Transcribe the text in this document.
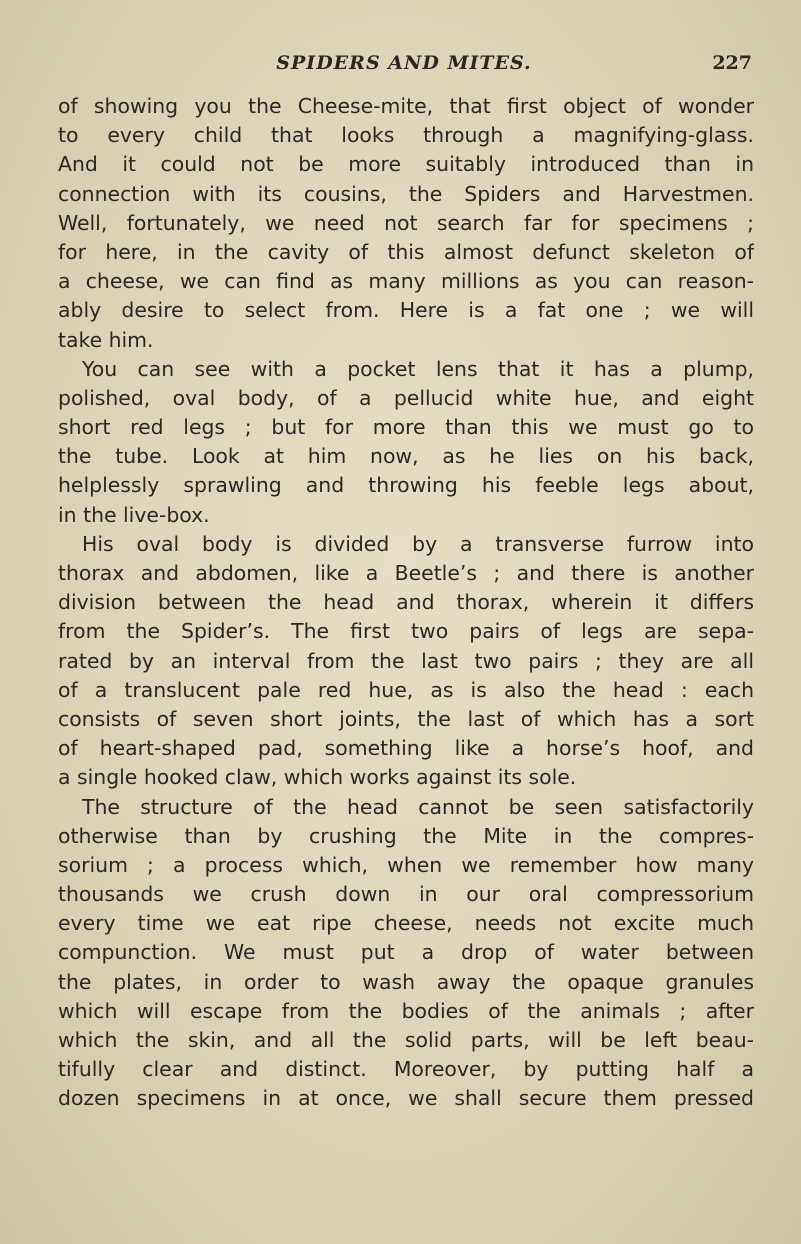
SPIDERS AND MITES.	227
of showing you the Cheese-mite, that first object of wonder
to every child that looks through a magnifying-glass.
And it could not be more suitably introduced than in
connection with its cousins, the Spiders and Harvestmen.
Well, fortunately, we need not search far for specimens ;
for here, in the cavity of this almost defunct skeleton of
a cheese, we can find as many millions as you can reason-
ably desire to select from. Here is a fat one ; we will
take him.
You can see with a pocket lens that it has a plump,
polished, oval body, of a pellucid white hue, and eight
short red legs ; but for more than this we must go to
the tube. Look at him now, as he lies on his back,
helplessly sprawling and throwing his feeble legs about,
in the live-box.
His oval body is divided by a transverse furrow into
thorax and abdomen, like a Beetle’s ; and there is another
division between the head and thorax, wherein it differs
from the Spider’s. The first two pairs of legs are sepa-
rated by an interval from the last two pairs ; they are all
of a translucent pale red hue, as is also the head : each
consists of seven short joints, the last of which has a sort
of heart-shaped pad, something like a horse’s hoof, and
a single hooked claw, which works against its sole.
The structure of the head cannot be seen satisfactorily
otherwise than by crushing the Mite in the compres-
sorium ; a process which, when we remember how many
thousands we crush down in our oral compressorium
every time we eat ripe cheese, needs not excite much
compunction. We must put a drop of water between
the plates, in order to wash away the opaque granules
which will escape from the bodies of the animals ; after
which the skin, and all the solid parts, will be left beau-
tifully clear and distinct. Moreover, by putting half a
dozen specimens in at once, we shall secure them pressed
